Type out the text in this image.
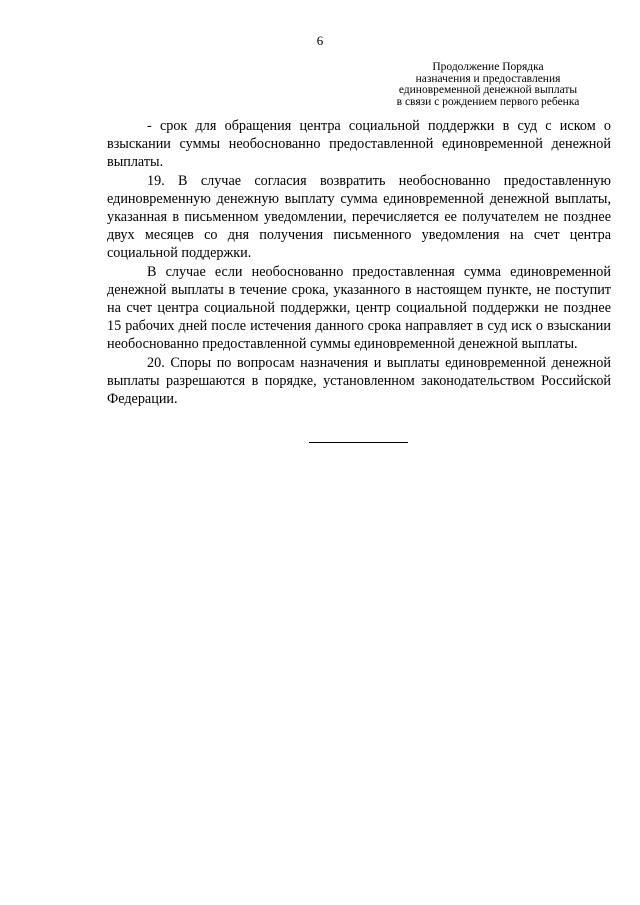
6
Продолжение Порядка
назначения и предоставления
единовременной денежной выплаты
в связи с рождением первого ребенка

- срок для обращения центра социальной поддержки в суд с иском о взыскании суммы необоснованно предоставленной единовременной денежной выплаты.

19. В случае согласия возвратить необоснованно предоставленную единовременную денежную выплату сумма единовременной денежной выплаты, указанная в письменном уведомлении, перечисляется ее получателем не позднее двух месяцев со дня получения письменного уведомления на счет центра социальной поддержки.

В случае если необоснованно предоставленная сумма единовременной денежной выплаты в течение срока, указанного в настоящем пункте, не поступит на счет центра социальной поддержки, центр социальной поддержки не позднее 15 рабочих дней после истечения данного срока направляет в суд иск о взыскании необоснованно предоставленной суммы единовременной денежной выплаты.

20. Споры по вопросам назначения и выплаты единовременной денежной выплаты разрешаются в порядке, установленном законодательством Российской Федерации.
